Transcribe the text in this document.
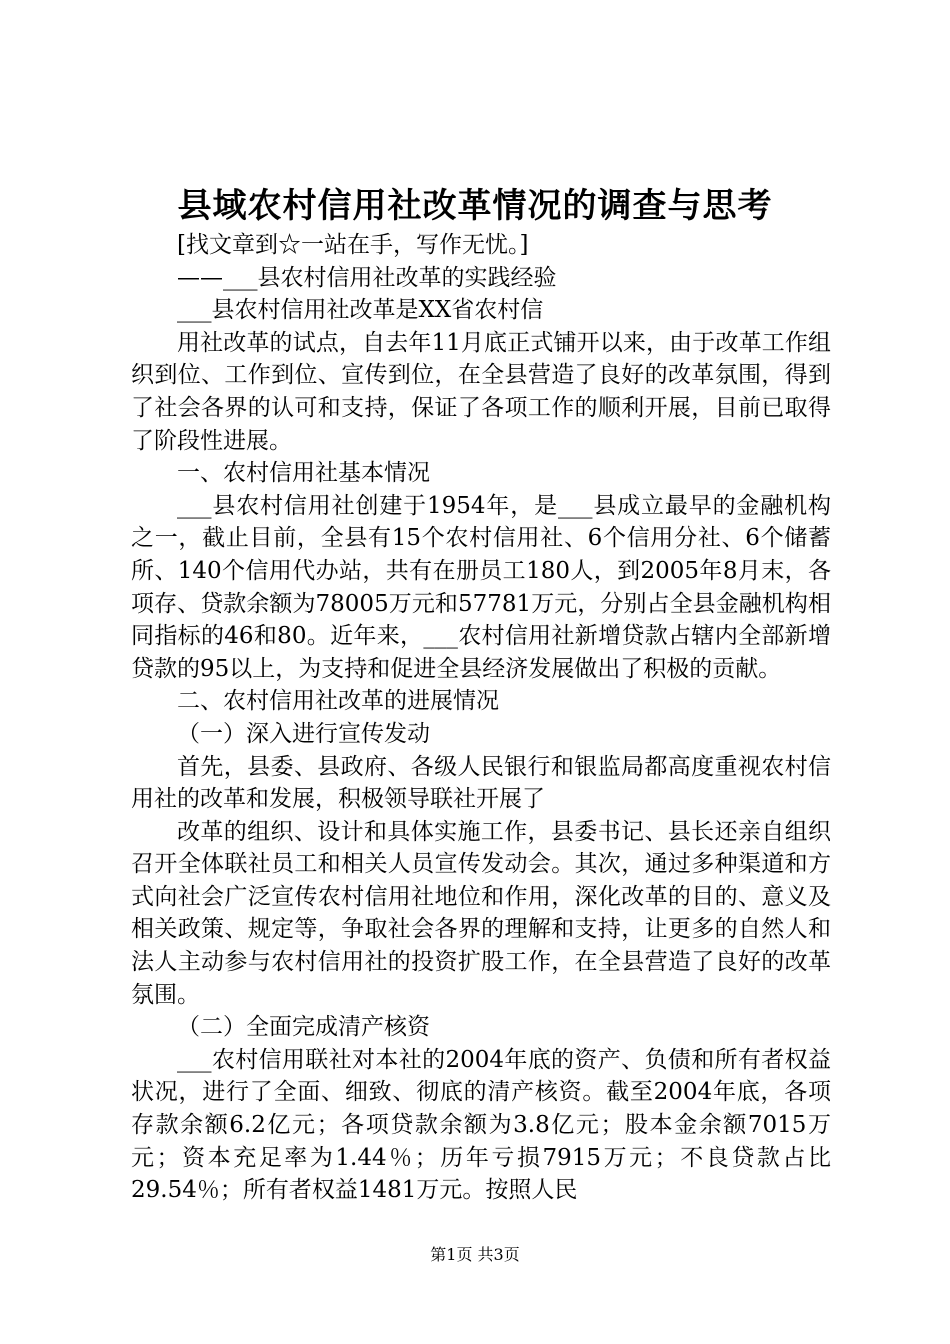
县域农村信用社改革情况的调查与思考

[找文章到☆一站在手，写作无忧。]

——___县农村信用社改革的实践经验

___县农村信用社改革是XX省农村信

用社改革的试点，自去年11月底正式铺开以来，由于改革工作组织到位、工作到位、宣传到位，在全县营造了良好的改革氛围，得到了社会各界的认可和支持，保证了各项工作的顺利开展，目前已取得了阶段性进展。

一、农村信用社基本情况

___县农村信用社创建于1954年，是___县成立最早的金融机构之一，截止目前，全县有15个农村信用社、6个信用分社、6个储蓄所、140个信用代办站，共有在册员工180人，到2005年8月末，各项存、贷款余额为78005万元和57781万元，分别占全县金融机构相同指标的46和80。近年来，___农村信用社新增贷款占辖内全部新增贷款的95以上，为支持和促进全县经济发展做出了积极的贡献。

二、农村信用社改革的进展情况

（一）深入进行宣传发动

首先，县委、县政府、各级人民银行和银监局都高度重视农村信用社的改革和发展，积极领导联社开展了

改革的组织、设计和具体实施工作，县委书记、县长还亲自组织召开全体联社员工和相关人员宣传发动会。其次，通过多种渠道和方式向社会广泛宣传农村信用社地位和作用，深化改革的目的、意义及相关政策、规定等，争取社会各界的理解和支持，让更多的自然人和法人主动参与农村信用社的投资扩股工作，在全县营造了良好的改革氛围。

（二）全面完成清产核资

___农村信用联社对本社的2004年底的资产、负债和所有者权益状况，进行了全面、细致、彻底的清产核资。截至2004年底，各项存款余额6.2亿元；各项贷款余额为3.8亿元；股本金余额7015万元；资本充足率为1.44％；历年亏损7915万元；不良贷款占比29.54％；所有者权益1481万元。按照人民

第1页 共3页
